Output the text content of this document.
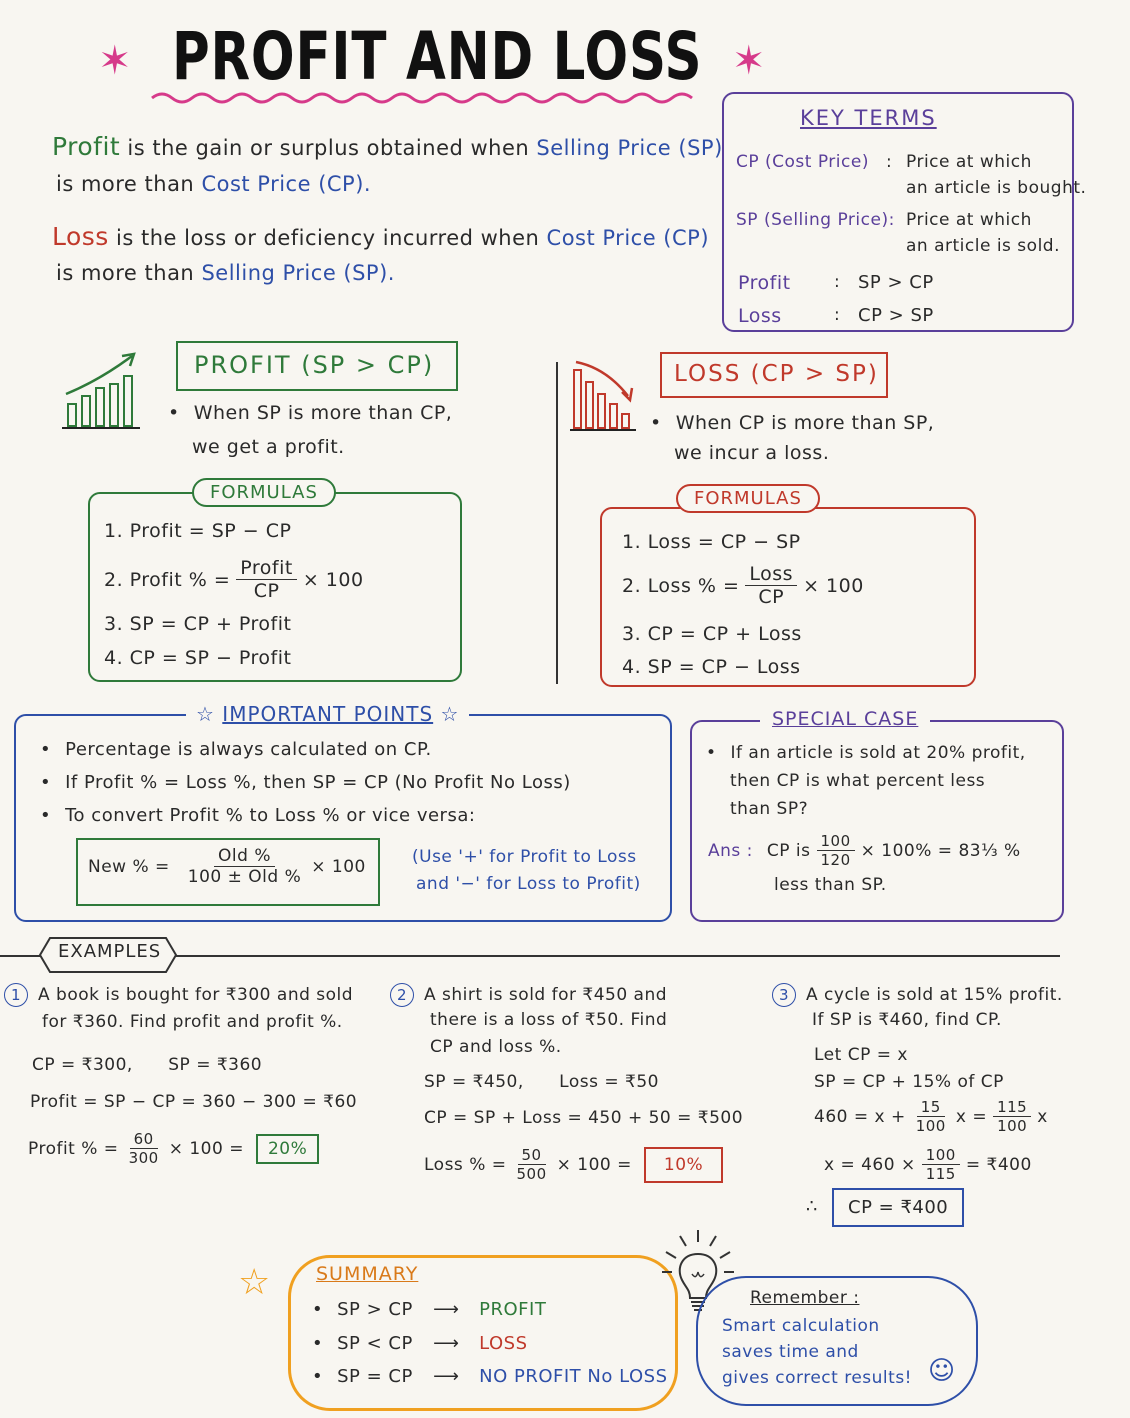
✶ PROFIT AND LOSS ✶
Profit is the gain or surplus obtained when Selling Price (SP)
is more than Cost Price (CP).
Loss is the loss or deficiency incurred when Cost Price (CP)
is more than Selling Price (SP).
KEY TERMS
CP (Cost Price) : Price at which
an article is bought.
SP (Selling Price): Price at which
an article is sold.
Profit	: SP > CP
Loss	: CP > SP
PROFIT (SP > CP)
• When SP is more than CP,
we get a profit.
FORMULAS
1. Profit = SP − CP
2. Profit % = $\frac{\text{Profit}}{CP} \times 100$
3. SP = CP + Profit
4. CP = SP − Profit
LOSS (CP > SP)
• When CP is more than SP,
we incur a loss.
FORMULAS
1. Loss = CP − SP
2. Loss % = $\frac{\text{Loss}}{CP} \times 100$
3. CP = CP + Loss
4. SP = CP − Loss
☆ IMPORTANT POINTS ☆
• Percentage is always calculated on CP.
• If Profit % = Loss %, then SP = CP (No Profit No Loss)
• To convert Profit % to Loss % or vice versa:
New % = $\frac{\text{Old \%}}{\text{100 ± Old \%}} \times 100$	(Use '+' for Profit to Loss
and '−' for Loss to Profit)
SPECIAL CASE
• If an article is sold at 20% profit,
then CP is what percent less
than SP?
Ans : CP is $\frac{100}{120} \times 100\%$ = 83⅓ %
less than SP.
EXAMPLES
1 A book is bought for ₹300 and sold
for ₹360. Find profit and profit %.
CP = ₹300,      SP = ₹360
Profit = SP − CP = 360 − 300 = ₹60
Profit % = $\frac{60}{300} \times 100$ =	20%
2 A shirt is sold for ₹450 and
there is a loss of ₹50. Find
CP and loss %.
SP = ₹450,      Loss = ₹50
CP = SP + Loss = 450 + 50 = ₹500
Loss % = $\frac{50}{500} \times 100$ =	10%
3 A cycle is sold at 15% profit.
If SP is ₹460, find CP.
Let CP = x
SP = CP + 15% of CP
$460 = x + \frac{15}{100}$ $x = \frac{115}{100}$ x
$x = 460 \times \frac{100}{115}$ = ₹400
∴	CP = ₹400
☆ SUMMARY
• SP > CP	⟶	PROFIT
• SP < CP	⟶	LOSS
• SP = CP	⟶	NO PROFIT No LOSS
Remember :
Smart calculation
saves time and
gives correct results! ☺
